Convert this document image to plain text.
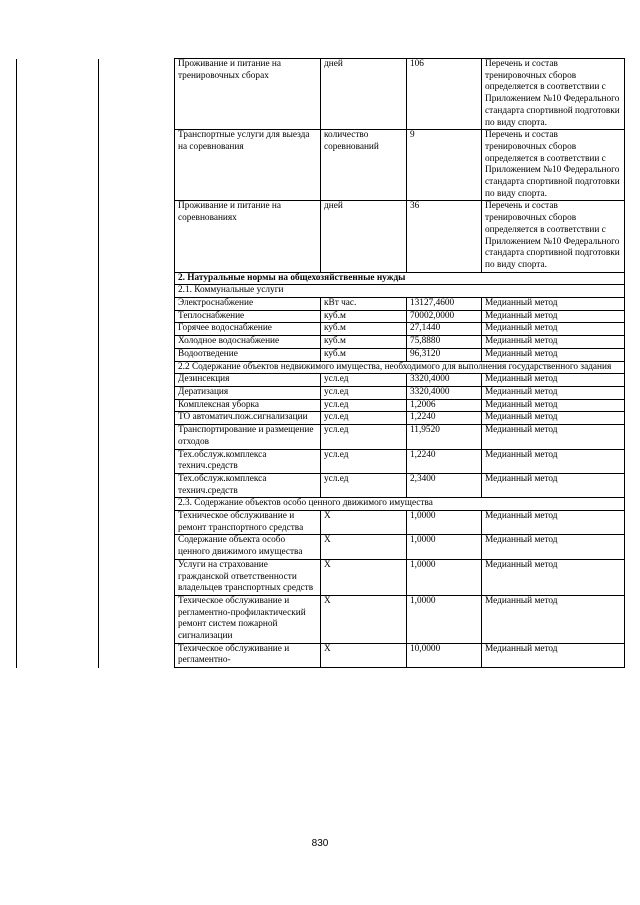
		Проживание и питание на тренировочных сборах	дней	106	Перечень и состав тренировочных сборов определяется в соответствии с Приложением №10 Федерального стандарта спортивной подготовки по виду спорта.
		Транспортные услуги для выезда на соревнования	количество соревнований	9	Перечень и состав тренировочных сборов определяется в соответствии с Приложением №10 Федерального стандарта спортивной подготовки по виду спорта.
		Проживание и питание на соревнованиях	дней	36	Перечень и состав тренировочных сборов определяется в соответствии с Приложением №10 Федерального стандарта спортивной подготовки по виду спорта.
		2. Натуральные нормы на общехозяйственные нужды			
		2.1. Коммунальные услуги			
		Электроснабжение	кВт час.	13127,4600	Медианный метод
		Теплоснабжение	куб.м	70002,0000	Медианный метод
		Горячее водоснабжение	куб.м	27,1440	Медианный метод
		Холодное водоснабжение	куб.м	75,8880	Медианный метод
		Водоотведение	куб.м	96,3120	Медианный метод
		2.2 Содержание объектов недвижимого имущества, необходимого для выполнения государственного задания			
		Дезинсекция	усл.ед	3320,4000	Медианный метод
		Дератизация	усл.ед	3320,4000	Медианный метод
		Комплексная уборка	усл.ед	1,2006	Медианный метод
		ТО автоматич.пож.сигнализации	усл.ед	1,2240	Медианный метод
		Транспортирование и размещение отходов	усл.ед	11,9520	Медианный метод
		Тех.обслуж.комплекса технич.средств	усл.ед	1,2240	Медианный метод
		Тех.обслуж.комплекса технич.средств	усл.ед	2,3400	Медианный метод
		2.3. Содержание объектов особо ценного движимого имущества			
		Техническое обслуживание и ремонт транспортного средства	Х	1,0000	Медианный метод
		Содержание объекта особо ценного движимого имущества	Х	1,0000	Медианный метод
		Услуги на страхование гражданской ответственности владельцев транспортных средств	Х	1,0000	Медианный метод
		Техическое обслуживание и регламентно-профилактический ремонт систем пожарной сигнализации	Х	1,0000	Медианный метод
		Техическое обслуживание и регламентно-	Х	10,0000	Медианный метод
830
